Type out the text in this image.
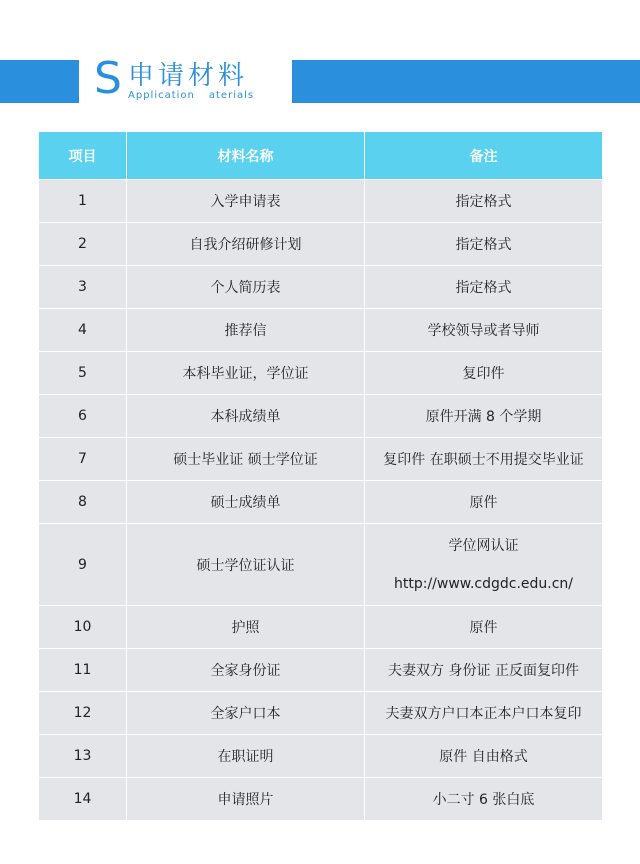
S 申请材料
Application aterials
项目	材料名称	备注
1	入学申请表	指定格式
2	自我介绍研修计划	指定格式
3	个人简历表	指定格式
4	推荐信	学校领导或者导师
5	本科毕业证，学位证	复印件
6	本科成绩单	原件开满 8 个学期
7	硕士毕业证 硕士学位证	复印件 在职硕士不用提交毕业证
8	硕士成绩单	原件
9	硕士学位证认证	学位网认证
http://www.cdgdc.edu.cn/

10	护照	原件
11	全家身份证	夫妻双方 身份证 正反面复印件
12	全家户口本	夫妻双方户口本正本户口本复印
13	在职证明	原件 自由格式
14	申请照片	小二寸 6 张白底
